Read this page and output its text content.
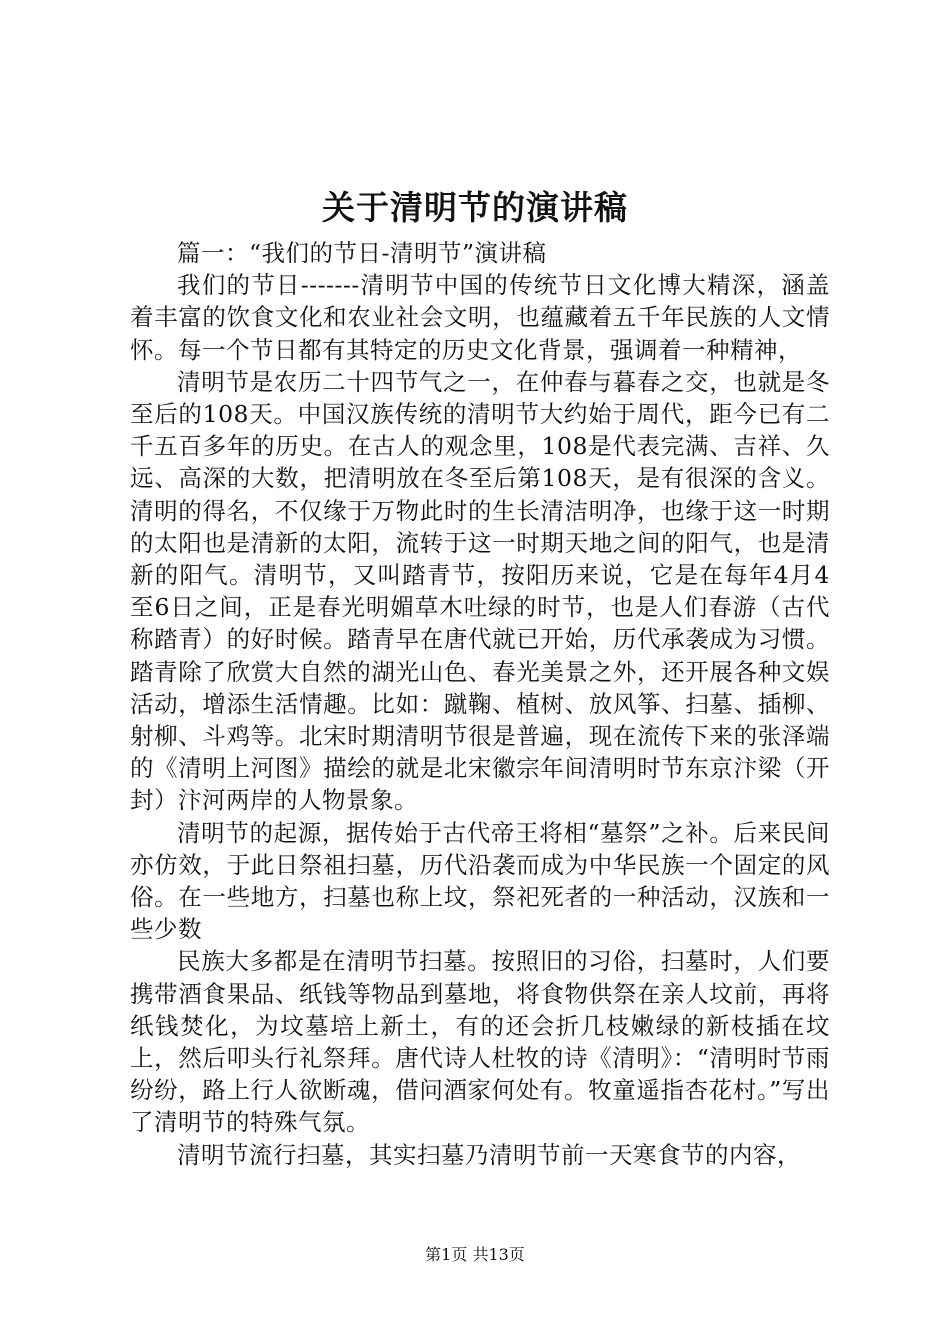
关于清明节的演讲稿

篇一：“我们的节日-清明节”演讲稿

我们的节日-------清明节中国的传统节日文化博大精深，涵盖着丰富的饮食文化和农业社会文明，也蕴藏着五千年民族的人文情怀。每一个节日都有其特定的历史文化背景，强调着一种精神，

清明节是农历二十四节气之一，在仲春与暮春之交，也就是冬至后的108天。中国汉族传统的清明节大约始于周代，距今已有二千五百多年的历史。在古人的观念里，108是代表完满、吉祥、久远、高深的大数，把清明放在冬至后第108天，是有很深的含义。清明的得名，不仅缘于万物此时的生长清洁明净，也缘于这一时期的太阳也是清新的太阳，流转于这一时期天地之间的阳气，也是清新的阳气。清明节，又叫踏青节，按阳历来说，它是在每年4月4至6日之间，正是春光明媚草木吐绿的时节，也是人们春游（古代称踏青）的好时候。踏青早在唐代就已开始，历代承袭成为习惯。踏青除了欣赏大自然的湖光山色、春光美景之外，还开展各种文娱活动，增添生活情趣。比如：蹴鞠、植树、放风筝、扫墓、插柳、射柳、斗鸡等。北宋时期清明节很是普遍，现在流传下来的张泽端的《清明上河图》描绘的就是北宋徽宗年间清明时节东京汴梁（开封）汴河两岸的人物景象。

清明节的起源，据传始于古代帝王将相“墓祭”之补。后来民间亦仿效，于此日祭祖扫墓，历代沿袭而成为中华民族一个固定的风俗。在一些地方，扫墓也称上坟，祭祀死者的一种活动，汉族和一些少数

民族大多都是在清明节扫墓。按照旧的习俗，扫墓时，人们要携带酒食果品、纸钱等物品到墓地，将食物供祭在亲人坟前，再将纸钱焚化，为坟墓培上新土，有的还会折几枝嫩绿的新枝插在坟上，然后叩头行礼祭拜。唐代诗人杜牧的诗《清明》：“清明时节雨纷纷，路上行人欲断魂，借问酒家何处有。牧童遥指杏花村。”写出了清明节的特殊气氛。

清明节流行扫墓，其实扫墓乃清明节前一天寒食节的内容，

第1页 共13页
